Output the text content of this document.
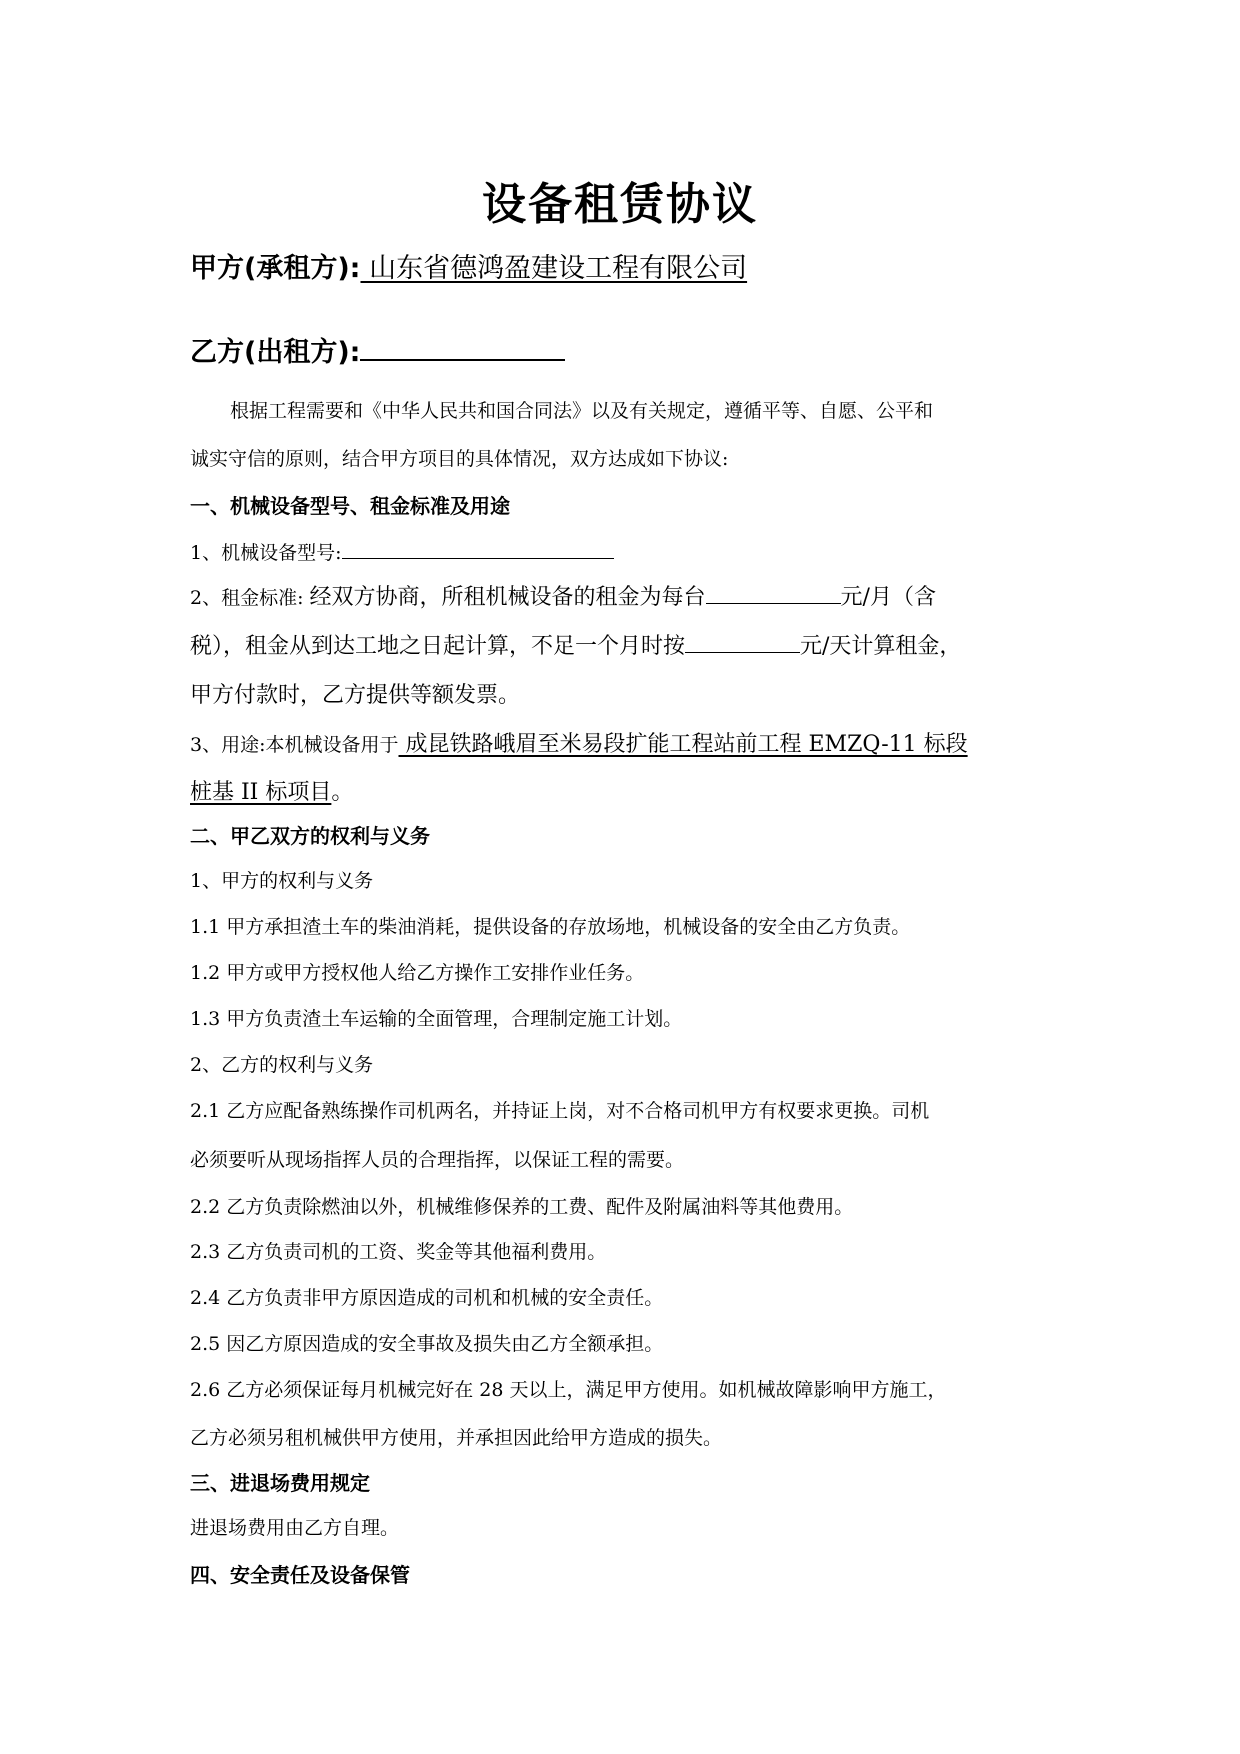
设备租赁协议
甲方(承租方): 山东省德鸿盈建设工程有限公司
乙方(出租方):
根据工程需要和《中华人民共和国合同法》以及有关规定，遵循平等、自愿、公平和
诚实守信的原则，结合甲方项目的具体情况，双方达成如下协议:
一、机械设备型号、租金标准及用途
1、机械设备型号:
2、租金标准: 经双方协商，所租机械设备的租金为每台	元/月（含
税），租金从到达工地之日起计算，不足一个月时按	元/天计算租金，
甲方付款时，乙方提供等额发票。
3、用途:本机械设备用于 成昆铁路峨眉至米易段扩能工程站前工程 EMZQ-11 标段
桩基 II 标项目。
二、甲乙双方的权利与义务
1、甲方的权利与义务
1.1 甲方承担渣土车的柴油消耗，提供设备的存放场地，机械设备的安全由乙方负责。
1.2 甲方或甲方授权他人给乙方操作工安排作业任务。
1.3 甲方负责渣土车运输的全面管理，合理制定施工计划。
2、乙方的权利与义务
2.1 乙方应配备熟练操作司机两名，并持证上岗，对不合格司机甲方有权要求更换。司机
必须要听从现场指挥人员的合理指挥，以保证工程的需要。
2.2 乙方负责除燃油以外，机械维修保养的工费、配件及附属油料等其他费用。
2.3 乙方负责司机的工资、奖金等其他福利费用。
2.4 乙方负责非甲方原因造成的司机和机械的安全责任。
2.5 因乙方原因造成的安全事故及损失由乙方全额承担。
2.6 乙方必须保证每月机械完好在 28 天以上，满足甲方使用。如机械故障影响甲方施工，
乙方必须另租机械供甲方使用，并承担因此给甲方造成的损失。
三、进退场费用规定
进退场费用由乙方自理。
四、安全责任及设备保管
